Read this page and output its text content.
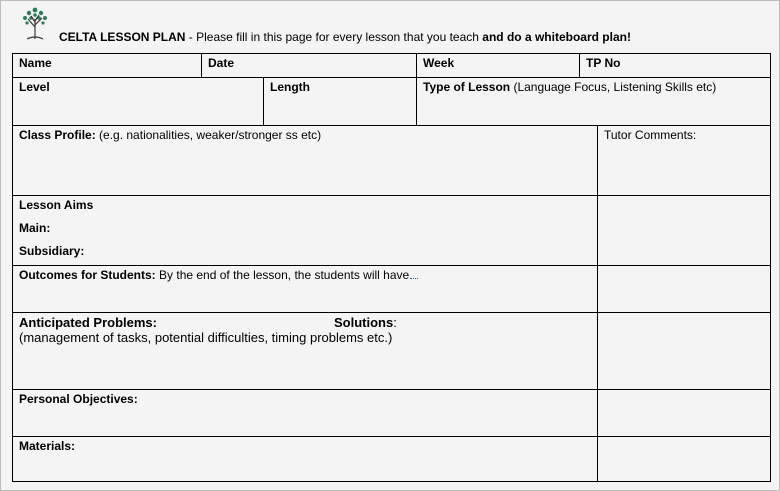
CELTA LESSON PLAN - Please fill in this page for every lesson that you teach and do a whiteboard plan!
Name	Date	Week	TP No
Level	Length	Type of Lesson (Language Focus, Listening Skills etc)
Class Profile: (e.g. nationalities, weaker/stronger ss etc)	Tutor Comments:
Lesson Aims
Main:
Subsidiary:
Outcomes for Students: By the end of the lesson, the students will have
Anticipated Problems:	Solutions:
(management of tasks, potential difficulties, timing problems etc.)
Personal Objectives:
Materials:
